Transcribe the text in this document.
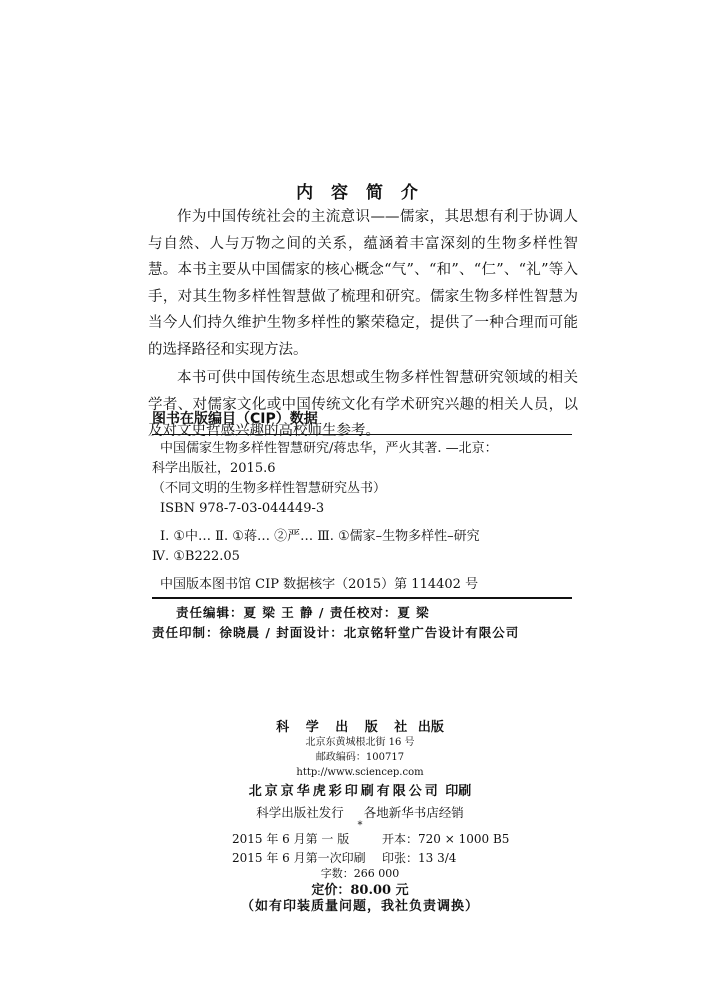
内 容 简 介

作为中国传统社会的主流意识——儒家，其思想有利于协调人与自然、人与万物之间的关系，蕴涵着丰富深刻的生物多样性智慧。本书主要从中国儒家的核心概念“气”、“和”、“仁”、“礼”等入手，对其生物多样性智慧做了梳理和研究。儒家生物多样性智慧为当今人们持久维护生物多样性的繁荣稳定，提供了一种合理而可能的选择路径和实现方法。

本书可供中国传统生态思想或生物多样性智慧研究领域的相关学者、对儒家文化或中国传统文化有学术研究兴趣的相关人员，以及对文史哲感兴趣的高校师生参考。

图书在版编目（CIP）数据
中国儒家生物多样性智慧研究/蒋忠华，严火其著. —北京：
科学出版社，2015.6
（不同文明的生物多样性智慧研究丛书）
ISBN 978-7-03-044449-3
Ⅰ. ①中… Ⅱ. ①蒋… ②严… Ⅲ. ①儒家–生物多样性–研究
Ⅳ. ①B222.05
中国版本图书馆 CIP 数据核字（2015）第 114402 号
责任编辑：夏 梁 王 静 / 责任校对：夏 梁
责任印制：徐晓晨 / 封面设计：北京铭轩堂广告设计有限公司
科 学 出 版 社 出版
北京东黄城根北街 16 号
邮政编码：100717
http://www.sciencep.com
北京京华虎彩印刷有限公司 印刷
科学出版社发行 各地新华书店经销
*
2015 年 6 月第 一 版	开本：720 × 1000 B5
2015 年 6 月第一次印刷 印张：13 3/4
字数：266 000
定价：80.00 元
（如有印装质量问题，我社负责调换）
